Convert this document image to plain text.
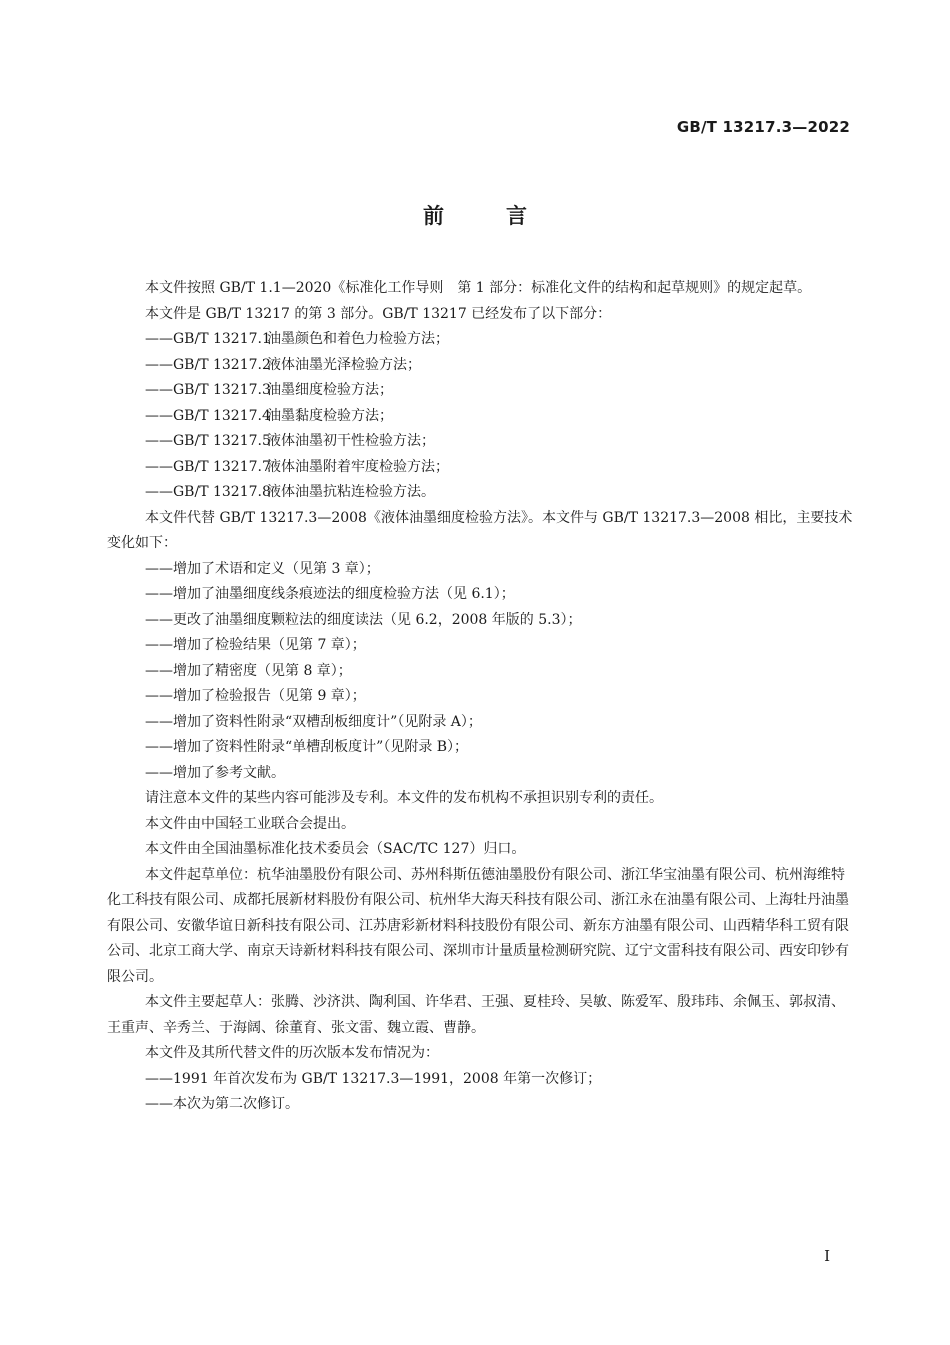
GB/T 13217.3—2022
前言

本文件按照 GB/T 1.1—2020《标准化工作导则　第 1 部分：标准化文件的结构和起草规则》的规定起草。

本文件是 GB/T 13217 的第 3 部分。GB/T 13217 已经发布了以下部分：

——GB/T 13217.1油墨颜色和着色力检验方法；

——GB/T 13217.2液体油墨光泽检验方法；

——GB/T 13217.3油墨细度检验方法；

——GB/T 13217.4油墨黏度检验方法；

——GB/T 13217.5液体油墨初干性检验方法；

——GB/T 13217.7液体油墨附着牢度检验方法；

——GB/T 13217.8液体油墨抗粘连检验方法。

本文件代替 GB/T 13217.3—2008《液体油墨细度检验方法》。本文件与 GB/T 13217.3—2008 相比，主要技术变化如下：

——增加了术语和定义（见第 3 章）；

——增加了油墨细度线条痕迹法的细度检验方法（见 6.1）；

——更改了油墨细度颗粒法的细度读法（见 6.2，2008 年版的 5.3）；

——增加了检验结果（见第 7 章）；

——增加了精密度（见第 8 章）；

——增加了检验报告（见第 9 章）；

——增加了资料性附录“双槽刮板细度计”（见附录 A）；

——增加了资料性附录“单槽刮板度计”（见附录 B）；

——增加了参考文献。

请注意本文件的某些内容可能涉及专利。本文件的发布机构不承担识别专利的责任。

本文件由中国轻工业联合会提出。

本文件由全国油墨标准化技术委员会（SAC/TC 127）归口。

本文件起草单位：杭华油墨股份有限公司、苏州科斯伍德油墨股份有限公司、浙江华宝油墨有限公司、杭州海维特化工科技有限公司、成都托展新材料股份有限公司、杭州华大海天科技有限公司、浙江永在油墨有限公司、上海牡丹油墨有限公司、安徽华谊日新科技有限公司、江苏唐彩新材料科技股份有限公司、新东方油墨有限公司、山西精华科工贸有限公司、北京工商大学、南京天诗新材料科技有限公司、深圳市计量质量检测研究院、辽宁文雷科技有限公司、西安印钞有限公司。

本文件主要起草人：张腾、沙济洪、陶利国、许华君、王强、夏桂玲、吴敏、陈爱军、殷玮玮、余佩玉、郭叔清、王重声、辛秀兰、于海阔、徐董育、张文雷、魏立霞、曹静。

本文件及其所代替文件的历次版本发布情况为：

——1991 年首次发布为 GB/T 13217.3—1991，2008 年第一次修订；

——本次为第二次修订。

I
